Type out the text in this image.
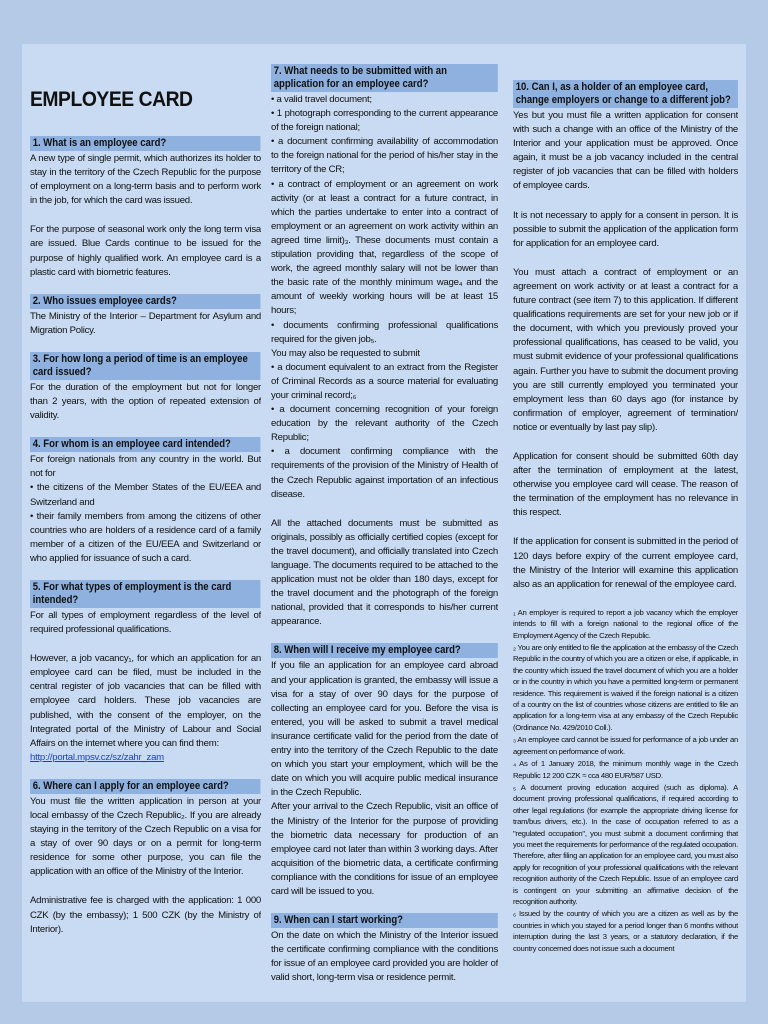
EMPLOYEE CARD
1. What is an employee card?
A new type of single permit, which authorizes its holder to stay in the territory of the Czech Republic for the purpose of employment on a long-term basis and to perform work in the job, for which the card was issued.
For the purpose of seasonal work only the long term visa are issued. Blue Cards continue to be issued for the purpose of highly qualified work. An employee card is a plastic card with biometric features.
2. Who issues employee cards?
The Ministry of the Interior – Department for Asylum and Migration Policy.
3. For how long a period of time is an employee card issued?
For the duration of the employment but not for longer than 2 years, with the option of repeated extension of validity.
4. For whom is an employee card intended?
For foreign nationals from any country in the world. But not for
• the citizens of the Member States of the EU/EEA and Switzerland and
• their family members from among the citizens of other countries who are holders of a residence card of a family member of a citizen of the EU/EEA and Switzerland or who applied for issuance of such a card.
5. For what types of employment is the card intended?
For all types of employment regardless of the level of required professional qualifications.
However, a job vacancy₁, for which an application for an employee card can be filed, must be included in the central register of job vacancies that can be filled with employee card holders. These job vacancies are published, with the consent of the employer, on the Integrated portal of the Ministry of Labour and Social Affairs on the internet where you can find them:
http://portal.mpsv.cz/sz/zahr_zam
6. Where can I apply for an employee card?
You must file the written application in person at your local embassy of the Czech Republic₂. If you are already staying in the territory of the Czech Republic on a visa for a stay of over 90 days or on a permit for long-term residence for some other purpose, you can file the application with an office of the Ministry of the Interior.
Administrative fee is charged with the application: 1 000 CZK (by the embassy); 1 500 CZK (by the Ministry of Interior).
7. What needs to be submitted with an application for an employee card?
• a valid travel document;
• 1 photograph corresponding to the current appearance of the foreign national;
• a document confirming availability of accommodation to the foreign national for the period of his/her stay in the territory of the CR;
• a contract of employment or an agreement on work activity (or at least a contract for a future contract, in which the parties undertake to enter into a contract of employment or an agreement on work activity within an agreed time limit)₃. These documents must contain a stipulation providing that, regardless of the scope of work, the agreed monthly salary will not be lower than the basic rate of the monthly minimum wage₄ and the amount of weekly working hours will be at least 15 hours;
• documents confirming professional qualifications required for the given job₅.
You may also be requested to submit
• a document equivalent to an extract from the Register of Criminal Records as a source material for evaluating your criminal record;₆
• a document concerning recognition of your foreign education by the relevant authority of the Czech Republic;
• a document confirming compliance with the requirements of the provision of the Ministry of Health of the Czech Republic against importation of an infectious disease.
All the attached documents must be submitted as originals, possibly as officially certified copies (except for the travel document), and officially translated into Czech language. The documents required to be attached to the application must not be older than 180 days, except for the travel document and the photograph of the foreign national, provided that it corresponds to his/her current appearance.
8. When will I receive my employee card?
If you file an application for an employee card abroad and your application is granted, the embassy will issue a visa for a stay of over 90 days for the purpose of collecting an employee card for you. Before the visa is entered, you will be asked to submit a travel medical insurance certificate valid for the period from the date of entry into the territory of the Czech Republic to the date on which you start your employment, which will be the date on which you will acquire public medical insurance in the Czech Republic.
After your arrival to the Czech Republic, visit an office of the Ministry of the Interior for the purpose of providing the biometric data necessary for production of an employee card not later than within 3 working days. After acquisition of the biometric data, a certificate confirming compliance with the conditions for issue of an employee card will be issued to you.
9. When can I start working?
On the date on which the Ministry of the Interior issued the certificate confirming compliance with the conditions for issue of an employee card provided you are holder of valid short, long-term visa or residence permit.
10. Can I, as a holder of an employee card, change employers or change to a different job?
Yes but you must file a written application for consent with such a change with an office of the Ministry of the Interior and your application must be approved. Once again, it must be a job vacancy included in the central register of job vacancies that can be filled with holders of employee cards.
It is not necessary to apply for a consent in person. It is possible to submit the application of the application form for application for an employee card.
You must attach a contract of employment or an agreement on work activity or at least a contract for a future contract (see item 7) to this application. If different qualifications requirements are set for your new job or if the document, with which you previously proved your professional qualifications, has ceased to be valid, you must submit evidence of your professional qualifications again. Further you have to submit the document proving you are still currently employed you terminated your employment less than 60 days ago (for instance by confirmation of employer, agreement of termination/ notice or eventually by last pay slip).
Application for consent should be submitted 60th day after the termination of employment at the latest, otherwise you employee card will cease. The reason of the termination of the employment has no relevance in this respect.
If the application for consent is submitted in the period of 120 days before expiry of the current employee card, the Ministry of the Interior will examine this application also as an application for renewal of the employee card.
₁ An employer is required to report a job vacancy which the employer intends to fill with a foreign national to the regional office of the Employment Agency of the Czech Republic.
₂ You are only entitled to file the application at the embassy of the Czech Republic in the country of which you are a citizen or else, if applicable, in the country which issued the travel document of which you are a holder or in the country in which you have a permitted long-term or permanent residence. This requirement is waived if the foreign national is a citizen of a country on the list of countries whose citizens are entitled to file an application for a long-term visa at any embassy of the Czech Republic (Ordinance No. 429/2010 Coll.).
₃ An employee card cannot be issued for performance of a job under an agreement on performance of work.
₄ As of 1 January 2018, the minimum monthly wage in the Czech Republic 12 200 CZK ≈ cca 480 EUR/587 USD.
₅ A document proving education acquired (such as diploma). A document proving professional qualifications, if required according to other legal regulations (for example the appropriate driving license for tram/bus drivers, etc.). In the case of occupation referred to as a "regulated occupation", you must submit a document confirming that you meet the requirements for performance of the regulated occupation. Therefore, after filing an application for an employee card, you must also apply for recognition of your professional qualifications with the relevant recognition authority of the Czech Republic. Issue of an employee card is contingent on your submitting an affirmative decision of the recognition authority.
₆ Issued by the country of which you are a citizen as well as by the countries in which you stayed for a period longer than 6 months without interruption during the last 3 years, or a statutory declaration, if the country concerned does not issue such a document
